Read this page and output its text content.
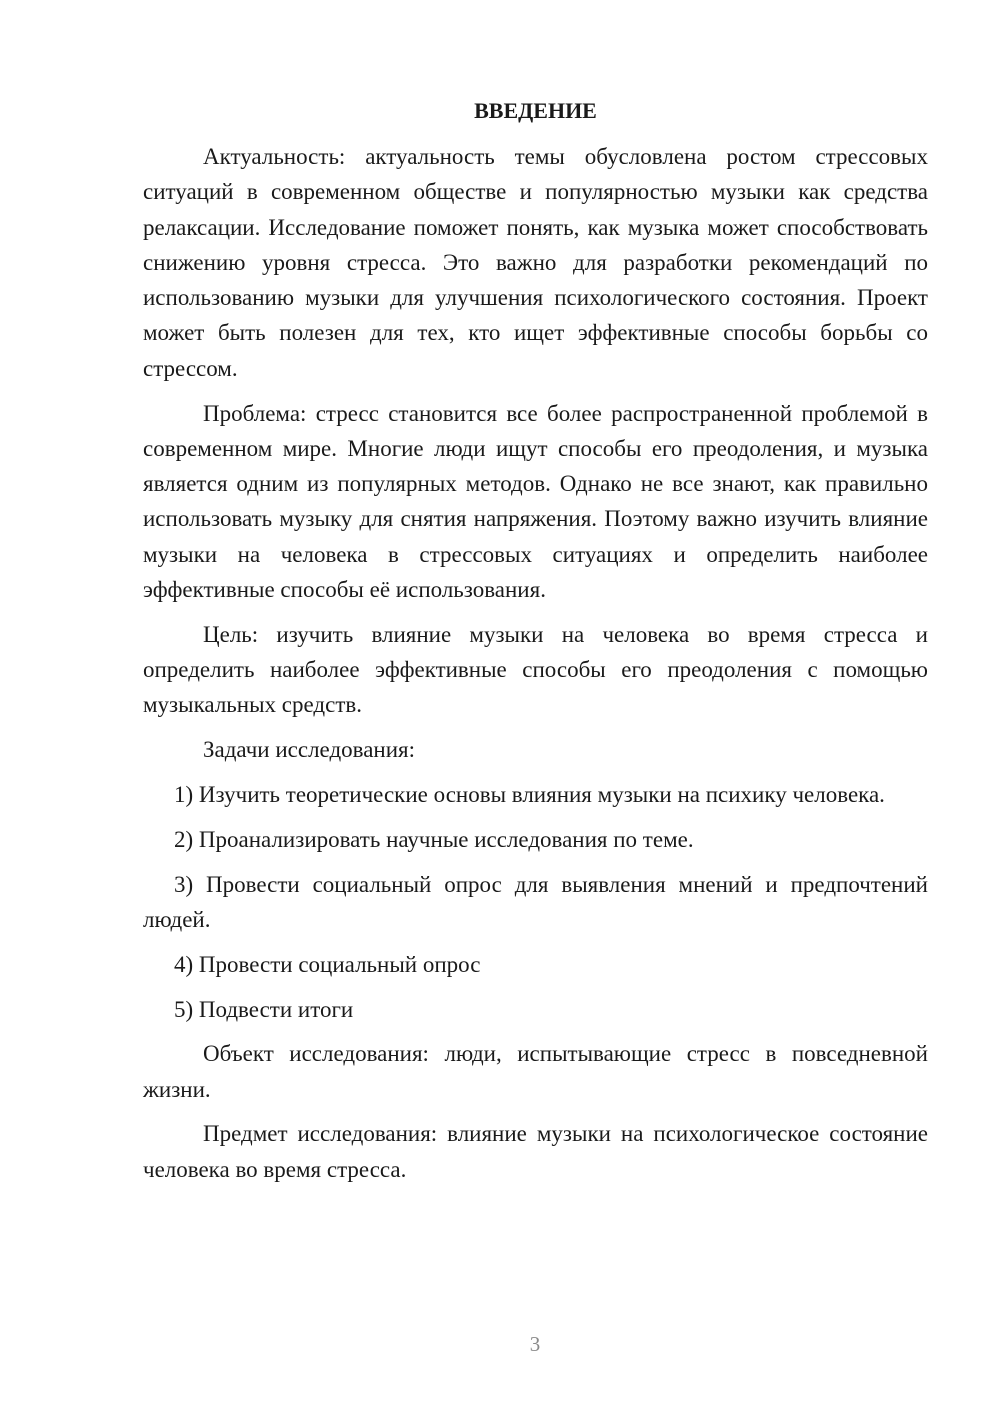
ВВЕДЕНИЕ

Актуальность: актуальность темы обусловлена ростом стрессовых ситуаций в современном обществе и популярностью музыки как средства релаксации. Исследование поможет понять, как музыка может способствовать снижению уровня стресса. Это важно для разработки рекомендаций по использованию музыки для улучшения психологического состояния. Проект может быть полезен для тех, кто ищет эффективные способы борьбы со стрессом.

Проблема: стресс становится все более распространенной проблемой в современном мире. Многие люди ищут способы его преодоления, и музыка является одним из популярных методов. Однако не все знают, как правильно использовать музыку для снятия напряжения. Поэтому важно изучить влияние музыки на человека в стрессовых ситуациях и определить наиболее эффективные способы её использования.

Цель: изучить влияние музыки на человека во время стресса и определить наиболее эффективные способы его преодоления с помощью музыкальных средств.

Задачи исследования:

1) Изучить теоретические основы влияния музыки на психику человека.

2) Проанализировать научные исследования по теме.

3) Провести социальный опрос для выявления мнений и предпочтений людей.

4) Провести социальный опрос

5) Подвести итоги

Объект исследования: люди, испытывающие стресс в повседневной жизни.

Предмет исследования: влияние музыки на психологическое состояние человека во время стресса.

3
